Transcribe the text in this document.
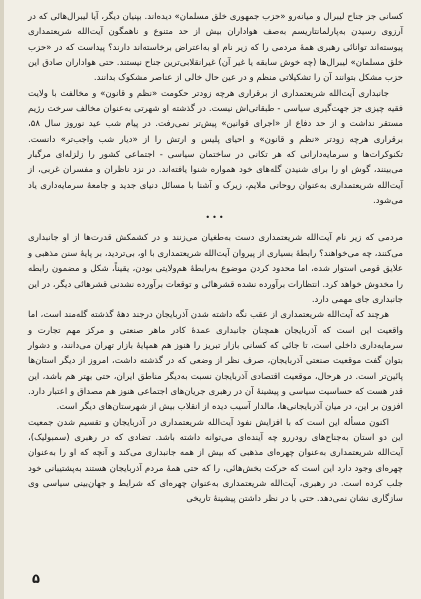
کسانی جز جناح لیبرال و میانه‌رو «حزب جمهوری خلق مسلمان» دیده‌اند. بپنیان دیگر، آیا لیبرال‌هائی که در آرزوی رسیدن به‌پارلمانتاریسم به‌صف هواداران بیش از حد متنوع و ناهمگون آیت‌الله شریعتمداری پیوسته‌اند توانائی رهبری همهٔ مردمی را که زیر نام او به‌اعتراض برخاسته‌اند دارند؟ پیداست که در «حزب خلق مسلمان» لیبرال‌ها (چه خوش سابقه یا غیر آن) غیرانقلابی‌ترین جناح نیستند. حتی هواداران صادق این حزب مشکل بتوانند آن را تشکیلاتی منظم و در عین حال خالی از عناصر مشکوک بدانند.

جانبداری آیت‌الله شریعتمداری از برقراری هرچه زودتر حکومت «نظم و قانون» و مخالفت با ولایت فقیه چیزی جز جهت‌گیری سیاسی - طبقاتی‌اش نیست. در گذشته او شهرتی به‌عنوان مخالف سرخت رژیم مستقر نداشت و از حد دفاع از «اجرای قوانین» پیش‌تر نمی‌رفت. در پیام شب عید نوروز سال ۵۸، برقراری هرچه زودتر «نظم و قانون» و احیای پلیس و ارتش را از «دیار شب واجب‌تر» دانست. تکنوکرات‌ها و سرمایه‌دارانی که هر تکانی در ساختمان سیاسی - اجتماعی کشور را زلزله‌ای مرگبار می‌بینند، گوش او را برای شنیدن گله‌های خود همواره شنوا یافته‌اند. در نزد ناظران و مفسران غربی، از آیت‌الله شریعتمداری به‌عنوان روحانی ملایم، زیرک و آشنا با مسائل دنیای جدید و جامعهٔ سرمایه‌داری یاد می‌شود.

•••

مردمی که زیر نام آیت‌الله شریعتمداری دست به‌طغیان می‌زنند و در کشمکش قدرت‌ها از او جانبداری می‌کنند، چه می‌خواهند؟ رابطهٔ بسیاری از پیروان آیت‌الله شریعتمداری با او، بی‌تردید، بر پایهٔ سنن مذهبی و علایق قومی استوار شده، اما محدود کردن موضوع به‌رابطهٔ هم‌ولایتی بودن، یقیناً، شکل و مضمون رابطه را مخدوش خواهد کرد. انتظارات برآورده نشده قشرهائی و توقعات برآورده نشدنی قشرهائی دیگر، در این جانبداری جای مهمی دارد.

هرچند که آیت‌الله شریعتمداری از عقب نگه داشته شدن آذربایجان درجند دههٔ گذشته گله‌مند است، اما واقعیت این است که آذربایجان همچنان جانبداری عمدهٔ کادر ماهر صنعتی و مرکز مهم تجارت و سرمایه‌داری داخلی است، تا جائی که کسانی بازار تبریز را هنوز هم همپایهٔ بازار تهران می‌دانند، و دشوار بتوان گفت موقعیت صنعتی آذربایجان، صرف نظر از وضعی که در گذشته داشت، امروز از دیگر استان‌ها پائین‌تر است. در هرحال، موقعیت اقتصادی آذربایجان نسبت به‌دیگر مناطق ایران، حتی بهتر هم باشد، این قدر هست که حساسیت سیاسی و پیشینهٔ آن در رهبری جریان‌های اجتماعی هنوز هم مصداق و اعتبار دارد. افزون بر این، در میان آذربایجانی‌ها، مالدار آسیب دیده از انقلاب بیش از شهرستان‌های دیگر است.

اکنون مسأله این است که با افزایش نفوذ آیت‌الله شریعتمداری در آذربایجان و تقسیم شدن جمعیت این دو استان به‌جناح‌های رودررو چه آینده‌ای می‌توانه داشته باشد. تضادی که در رهبری (سمبولیک)، آیت‌الله شریعتمداری به‌عنوان چهره‌ای مذهبی که بیش از همه جانبداری می‌کند و آنچه که او را به‌عنوان چهره‌ای وجود دارد این است که حرکت بخش‌هائی، را که حتی همهٔ مردم آذربایجان هستند به‌پشتیبانی خود جلب کرده است. در رهبری، آیت‌الله شریعتمداری به‌عنوان چهره‌ای که شرایط و جهان‌بینی سیاسی وی سازگاری نشان نمی‌دهد. حتی با در نظر داشتن پیشینهٔ تاریخی

۵
